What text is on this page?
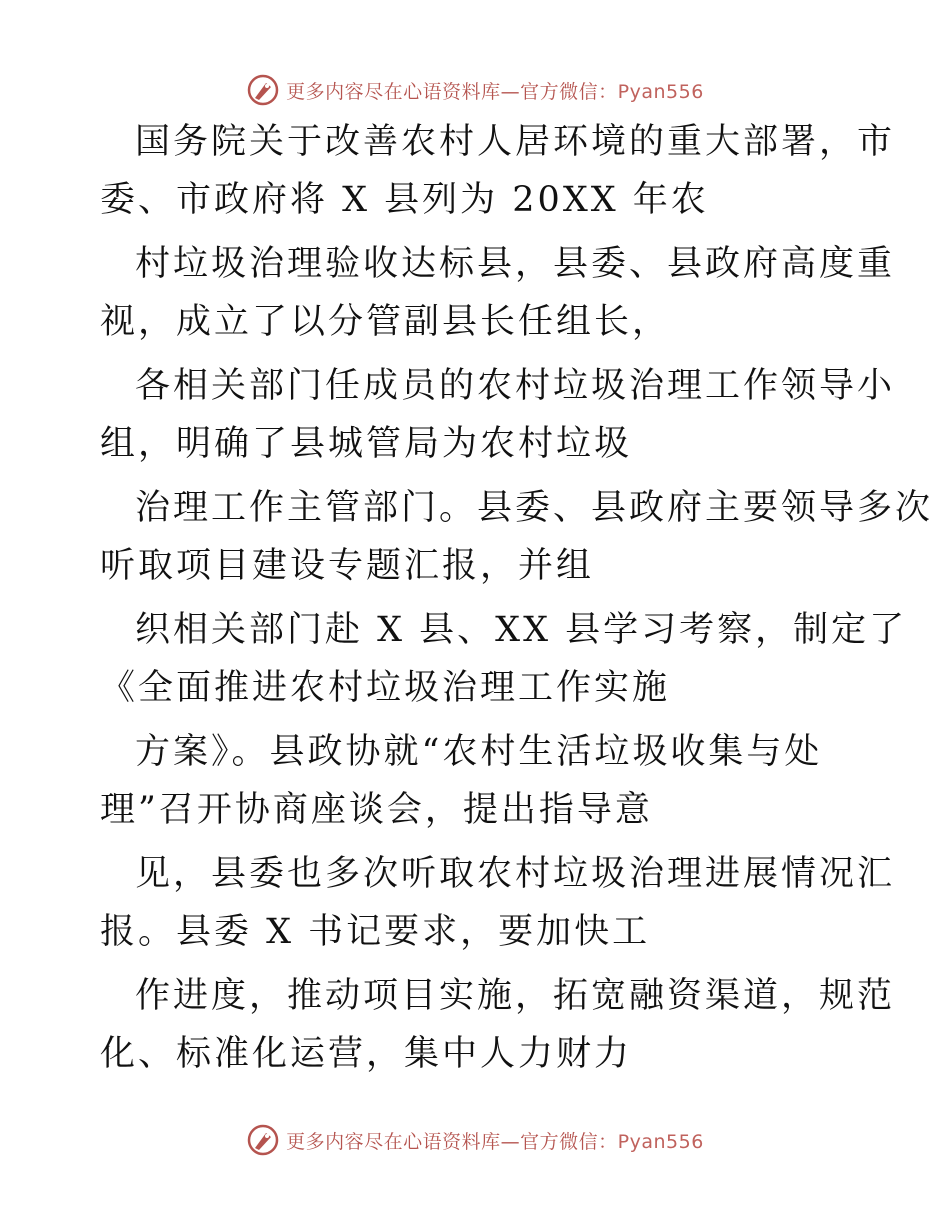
更多内容尽在心语资料库—官方微信：Pyan556
国务院关于改善农村人居环境的重大部署，市
委、市政府将 X 县列为 20XX 年农
村垃圾治理验收达标县，县委、县政府高度重
视，成立了以分管副县长任组长，
各相关部门任成员的农村垃圾治理工作领导小
组，明确了县城管局为农村垃圾
治理工作主管部门。县委、县政府主要领导多次
听取项目建设专题汇报，并组
织相关部门赴 X 县、XX 县学习考察，制定了
《全面推进农村垃圾治理工作实施
方案》。县政协就“农村生活垃圾收集与处
理”召开协商座谈会，提出指导意
见，县委也多次听取农村垃圾治理进展情况汇
报。县委 X 书记要求，要加快工
作进度，推动项目实施，拓宽融资渠道，规范
化、标准化运营，集中人力财力
更多内容尽在心语资料库—官方微信：Pyan556
